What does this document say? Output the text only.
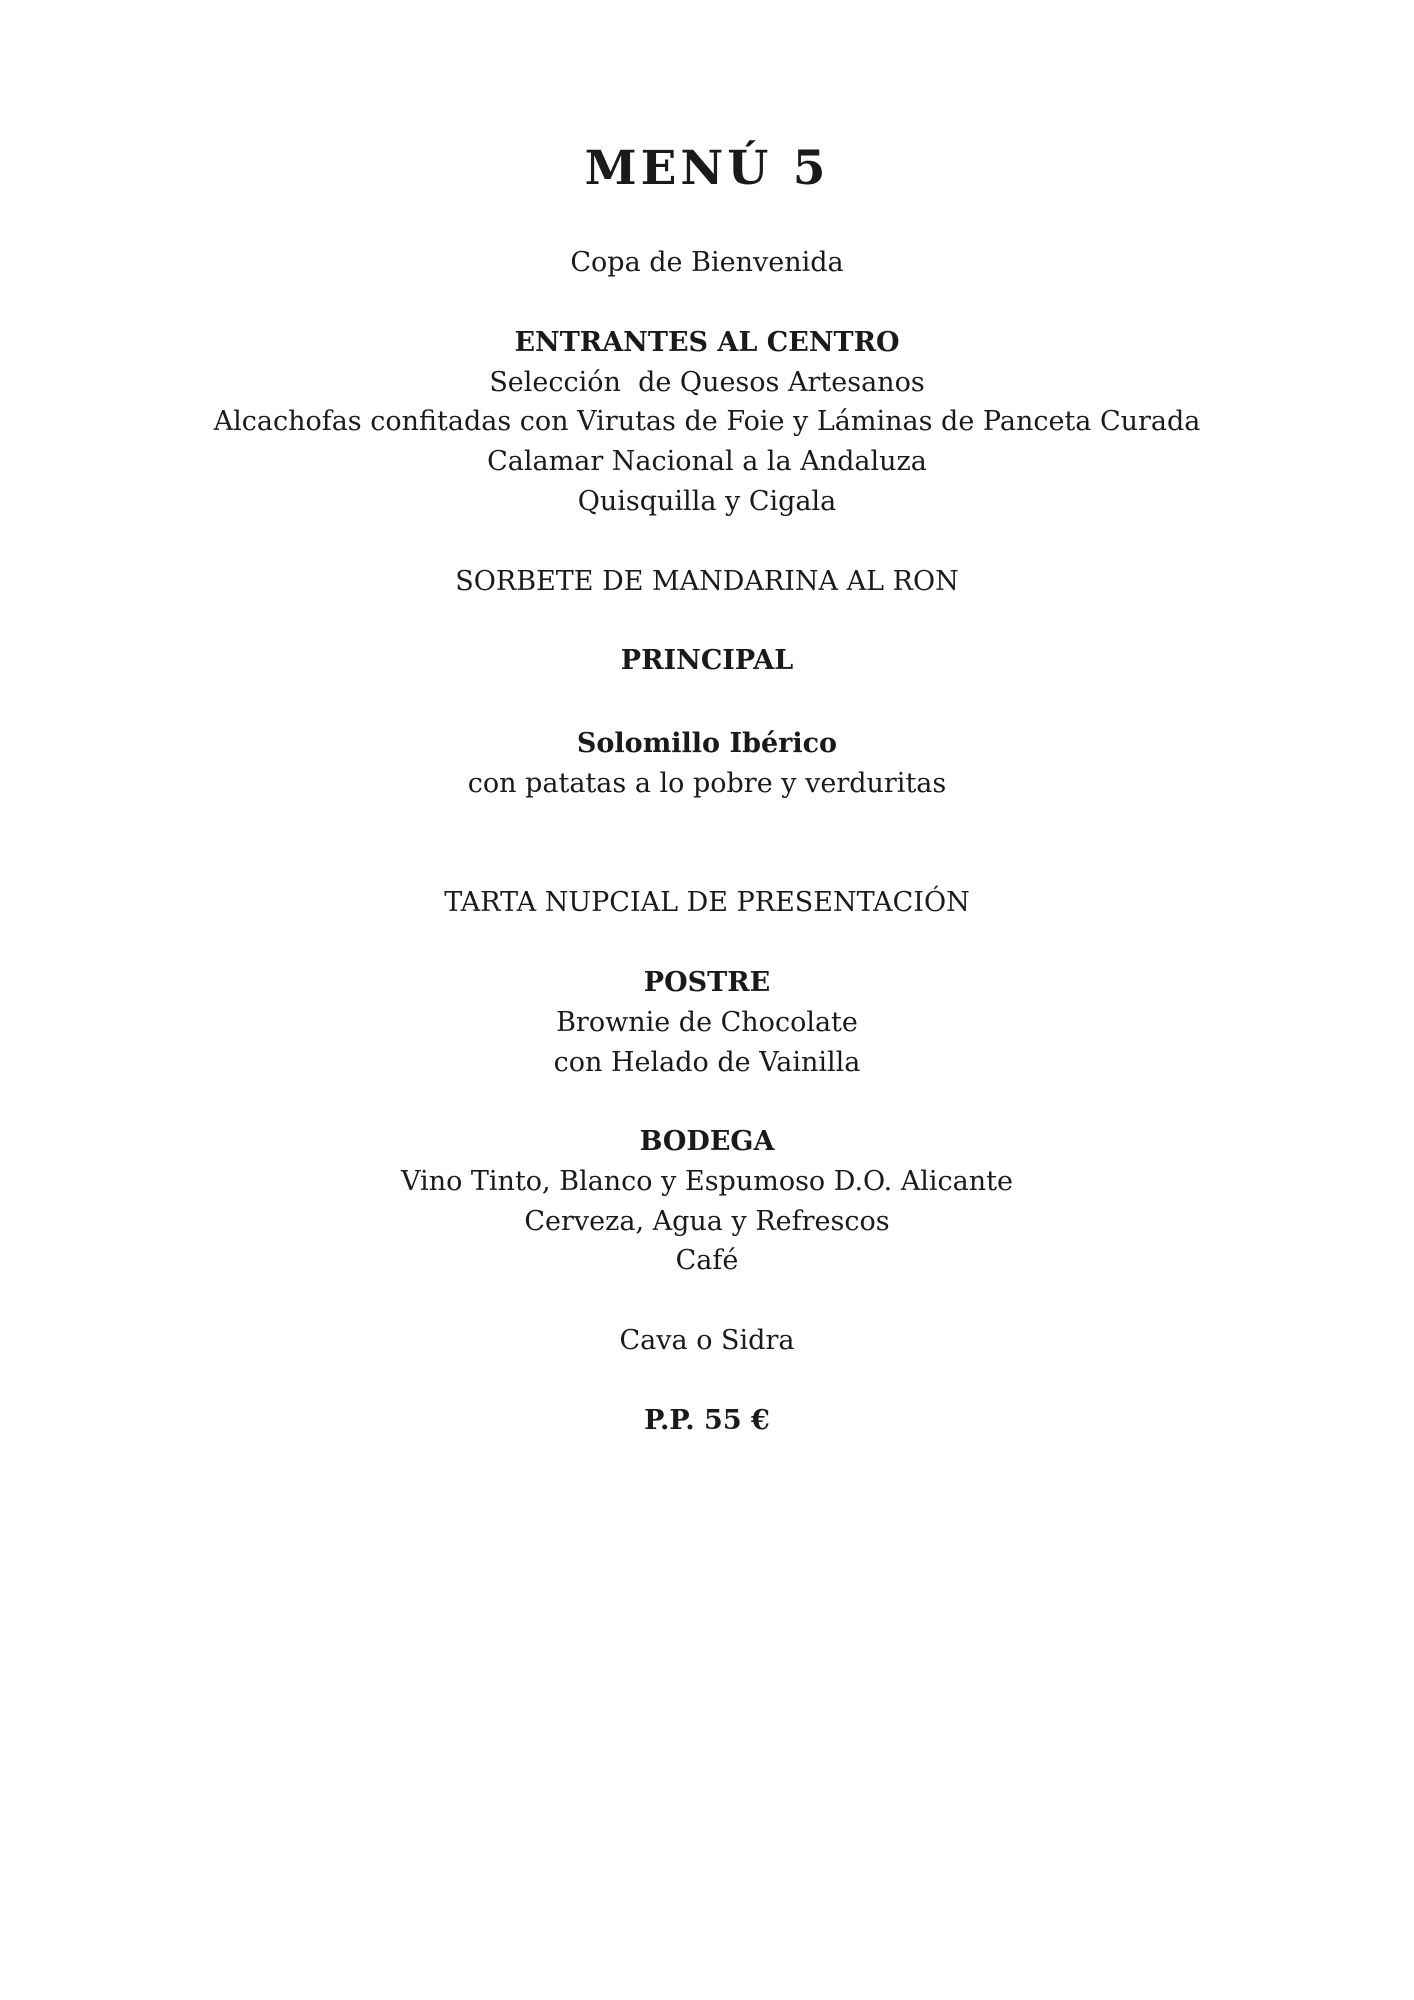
MENÚ 5
Copa de Bienvenida
ENTRANTES AL CENTRO
Selección  de Quesos Artesanos
Alcachofas confitadas con Virutas de Foie y Láminas de Panceta Curada
Calamar Nacional a la Andaluza
Quisquilla y Cigala
SORBETE DE MANDARINA AL RON
PRINCIPAL
Solomillo Ibérico
con patatas a lo pobre y verduritas
TARTA NUPCIAL DE PRESENTACIÓN
POSTRE
Brownie de Chocolate
con Helado de Vainilla
BODEGA
Vino Tinto, Blanco y Espumoso D.O. Alicante
Cerveza, Agua y Refrescos
Café
Cava o Sidra
P.P. 55 €
